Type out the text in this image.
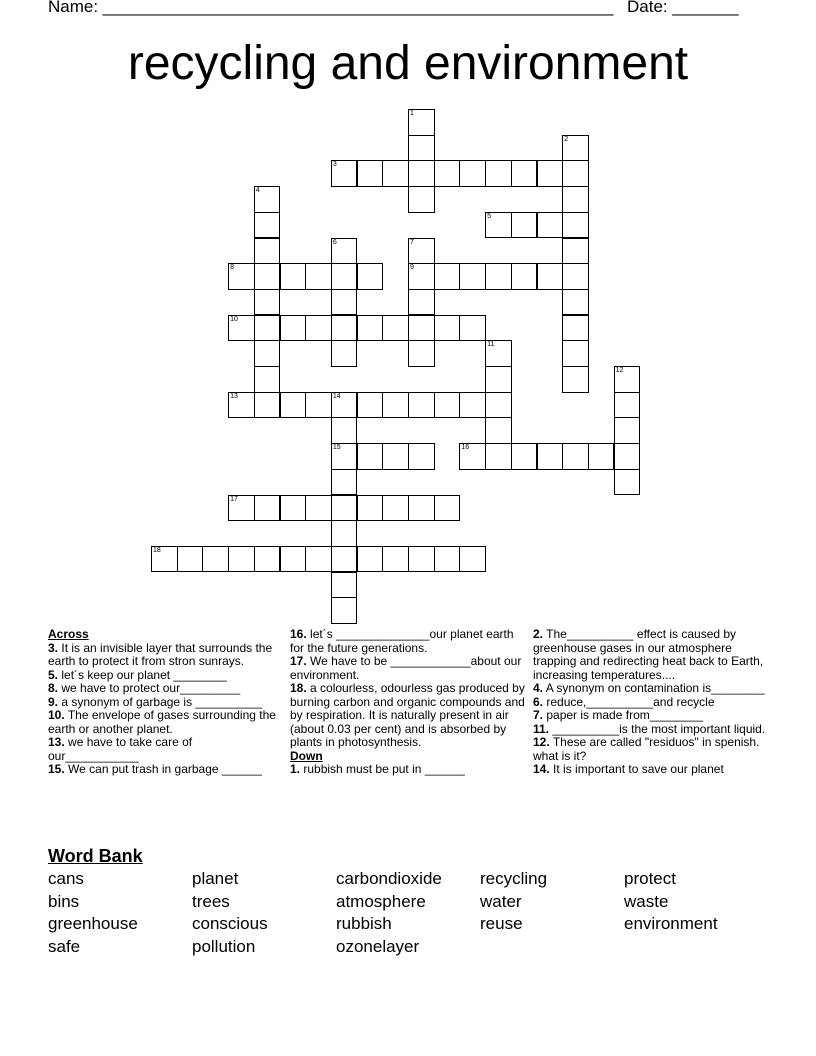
Name: ______________________________________________________ Date: _______
recycling and environment
1
2
3
4
5
6	7
9
8
10
11
12
13	14
15	16
17
18

Across

3. It is an invisible layer that surrounds the earth to protect it from stron sunrays.

5. let´s keep our planet ________

8. we have to protect our_________

9. a synonym of garbage is __________

10. The envelope of gases surrounding the earth or another planet.

13. we have to take care of our___________

15. We can put trash in garbage ______

16. let´s ______________our planet earth for the future generations.

17. We have to be ____________about our environment.

18. a colourless, odourless gas produced by burning carbon and organic compounds and by respiration. It is naturally present in air (about 0.03 per cent) and is absorbed by plants in photosynthesis.

Down

1. rubbish must be put in ______

2. The__________ effect is caused by greenhouse gases in our atmosphere trapping and redirecting heat back to Earth, increasing temperatures....

4. A synonym on contamination is________

6. reduce,__________and recycle

7. paper is made from________

11. __________is the most important liquid.

12. These are called "residuos" in spenish. what is it?

14. It is important to save our planet

Word Bank
cans	planet	carbondioxide	recycling	protect
bins	trees	atmosphere	water	waste
greenhouse	conscious	rubbish	reuse	environment
safe	pollution	ozonelayer
